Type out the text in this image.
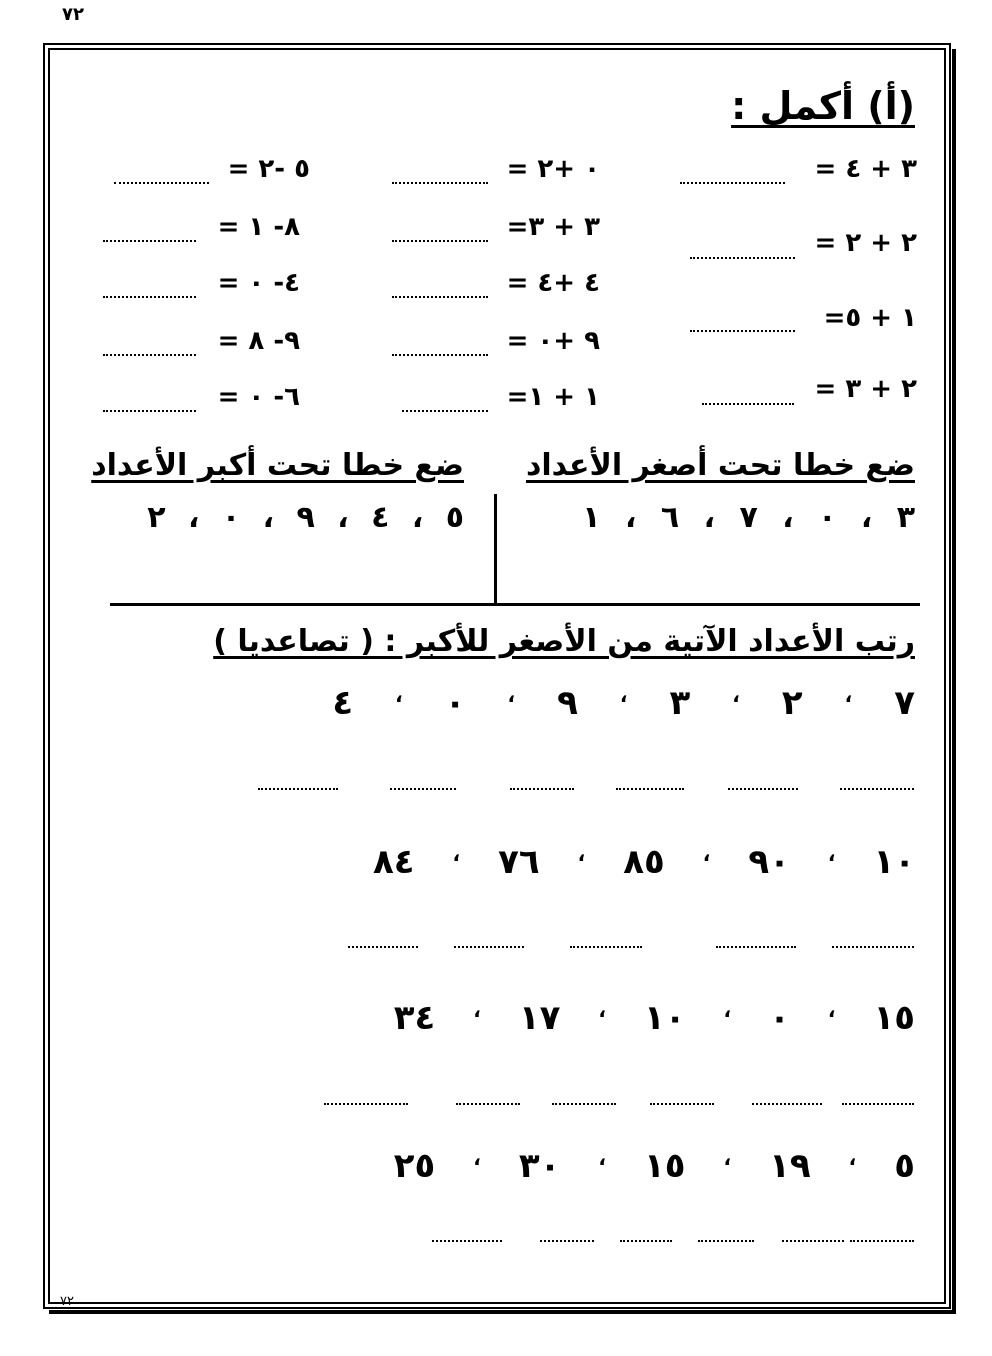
٧٢
٧٢
(أ) أكمل :
٣ + ٤ =
٢ + ٢ =
١ + ٥=
٢ + ٣ =
٠ +٢ =
٣ + ٣=
٤ +٤ =
٩ +٠ =
١ + ١=
٥ -٢ =
٨- ١ =
٤- ٠ =
٩- ٨ =
٦- ٠ =
ضع خطا تحت أصغر الأعداد
ضع خطا تحت أكبر الأعداد
٣ ، ٠ ، ٧ ، ٦ ، ١
٥ ، ٤ ، ٩ ، ٠ ، ٢
رتب الأعداد الآتية من الأصغر للأكبر : ( تصاعديا )
٧
،
٢
،
٣
،
٩
،
٠
،
٤
١٠
،
٩٠
،
٨٥
،
٧٦
،
٨٤
١٥
،
٠
،
١٠
،
١٧
،
٣٤
٥
،
١٩
،
١٥
،
٣٠
،
٢٥
